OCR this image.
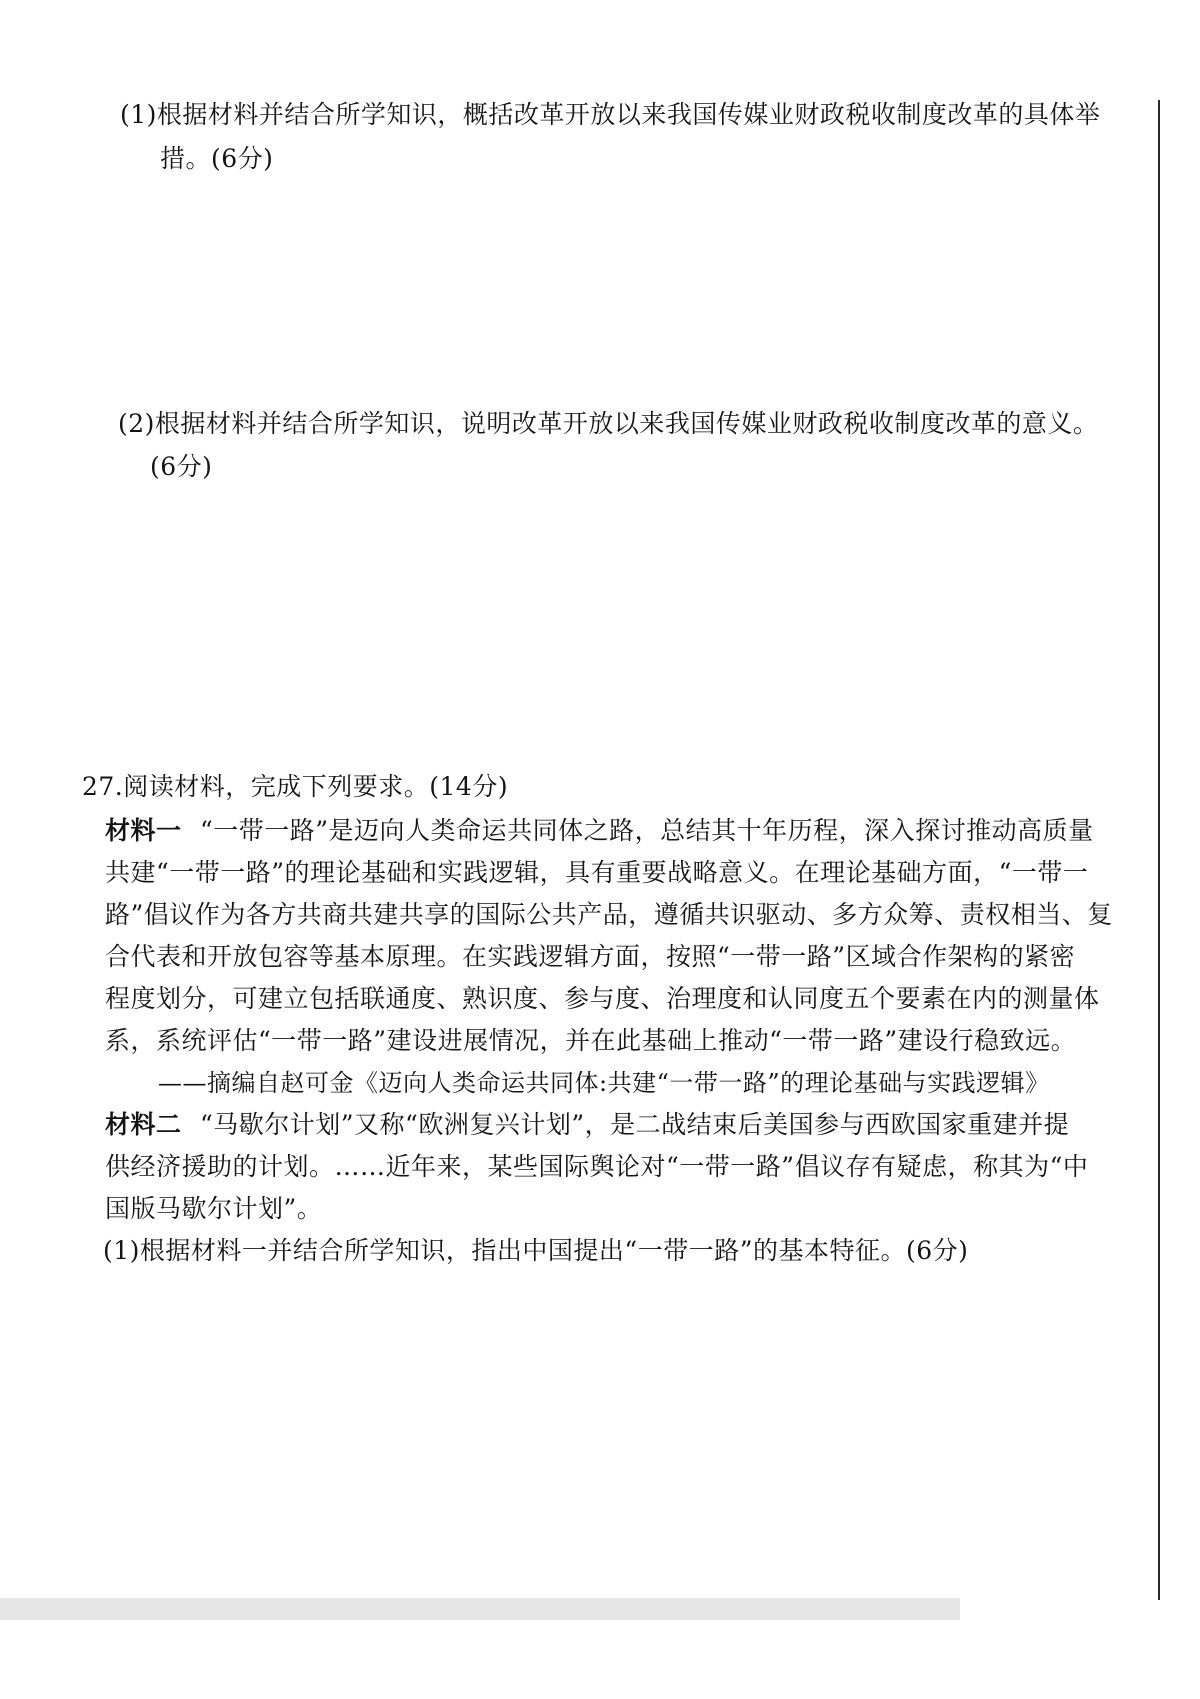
(1)根据材料并结合所学知识，概括改革开放以来我国传媒业财政税收制度改革的具体举
措。(6分)
(2)根据材料并结合所学知识，说明改革开放以来我国传媒业财政税收制度改革的意义。
(6分)
27.阅读材料，完成下列要求。(14分)
材料一 “一带一路”是迈向人类命运共同体之路，总结其十年历程，深入探讨推动高质量
共建“一带一路”的理论基础和实践逻辑，具有重要战略意义。在理论基础方面，“一带一
路”倡议作为各方共商共建共享的国际公共产品，遵循共识驱动、多方众筹、责权相当、复
合代表和开放包容等基本原理。在实践逻辑方面，按照“一带一路”区域合作架构的紧密
程度划分，可建立包括联通度、熟识度、参与度、治理度和认同度五个要素在内的测量体
系，系统评估“一带一路”建设进展情况，并在此基础上推动“一带一路”建设行稳致远。
——摘编自赵可金《迈向人类命运共同体:共建“一带一路”的理论基础与实践逻辑》
材料二 “马歇尔计划”又称“欧洲复兴计划”，是二战结束后美国参与西欧国家重建并提
供经济援助的计划。……近年来，某些国际舆论对“一带一路”倡议存有疑虑，称其为“中
国版马歇尔计划”。
(1)根据材料一并结合所学知识，指出中国提出“一带一路”的基本特征。(6分)
